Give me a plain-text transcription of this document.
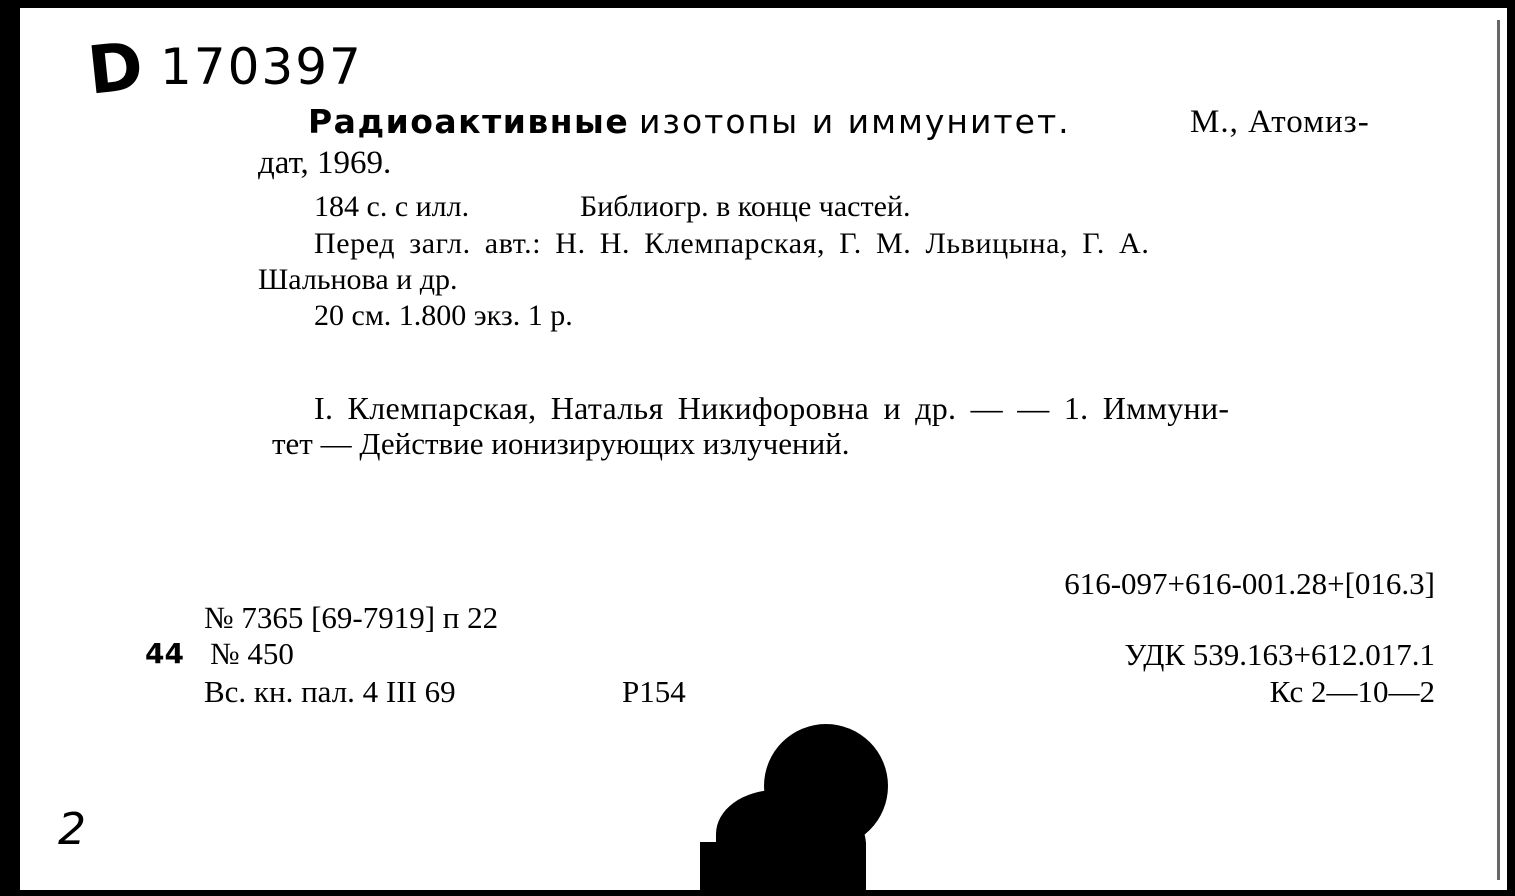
D 170397
Радиоактивные изотопы и иммунитет.	М., Атомиз-
дат, 1969.
184 с. с илл.	Библиогр. в конце частей.
Перед загл. авт.: Н. Н. Клемпарская, Г. М. Львицына, Г. А.
Шальнова и др.
20 см. 1.800 экз. 1 р.
I. Клемпарская, Наталья Никифоровна и др. — — 1. Иммуни-
тет — Действие ионизирующих излучений.
№ 7365 [69-7919] п 22
44 № 450
Вс. кн. пал. 4 III 69	Р154
616-097+616-001.28+[016.3]
УДК 539.163+612.017.1
Кс 2—10—2
2
